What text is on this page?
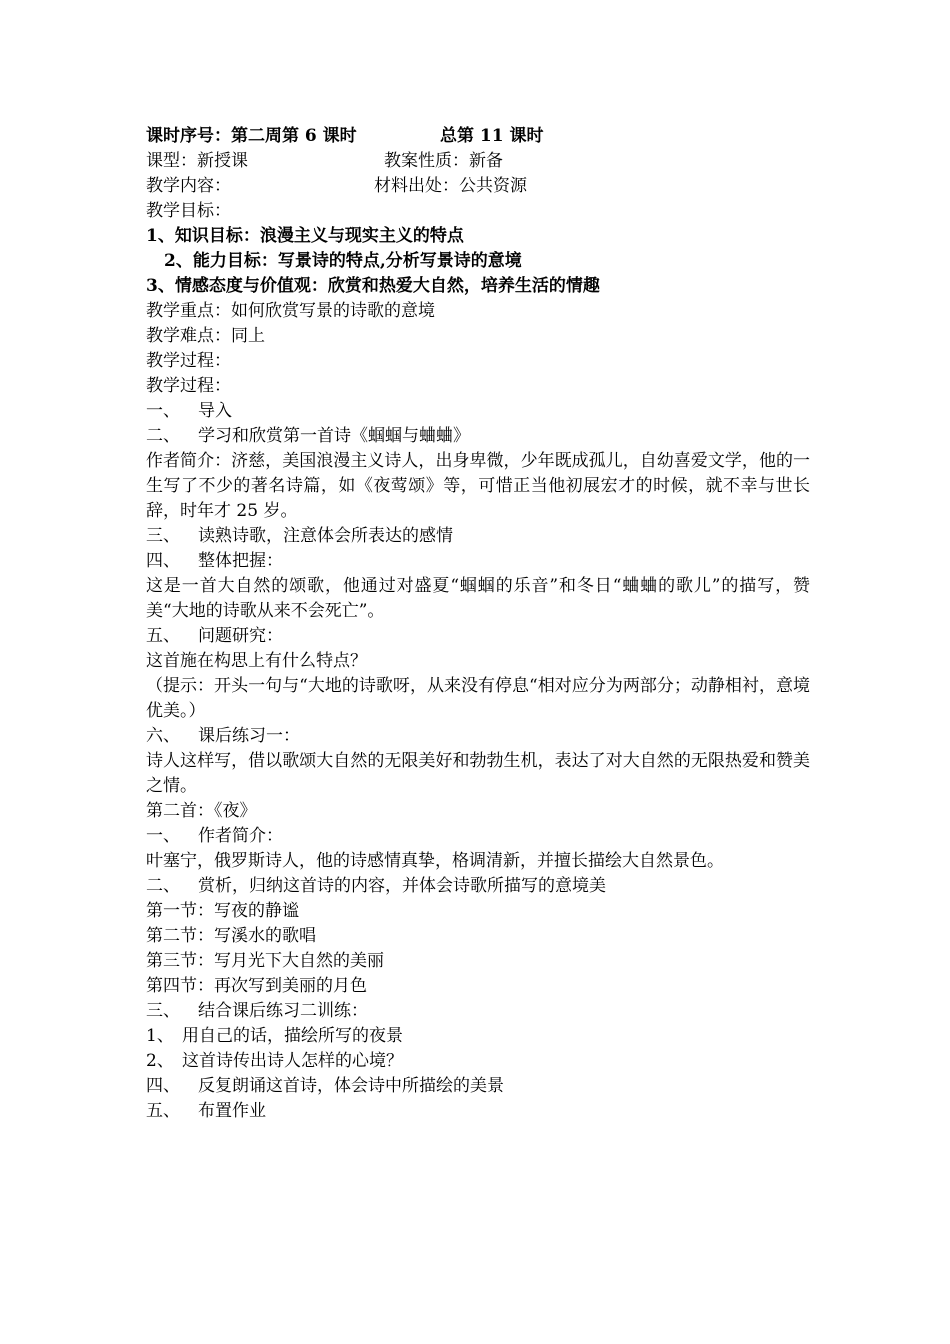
课时序号：第二周第 6 课时	总第 11 课时
课型：新授课	教案性质：新备
教学内容：	材料出处：公共资源
教学目标：
1、知识目标：浪漫主义与现实主义的特点
2、能力目标：写景诗的特点,分析写景诗的意境
3、情感态度与价值观：欣赏和热爱大自然，培养生活的情趣
教学重点：如何欣赏写景的诗歌的意境
教学难点：同上
教学过程：
教学过程：
一、 导入
二、 学习和欣赏第一首诗《蝈蝈与蛐蛐》
作者简介：济慈，美国浪漫主义诗人，出身卑微，少年既成孤儿，自幼喜爱文学，他的一生写了不少的著名诗篇，如《夜莺颂》等，可惜正当他初展宏才的时候，就不幸与世长辞，时年才 25 岁。
三、 读熟诗歌，注意体会所表达的感情
四、 整体把握：
这是一首大自然的颂歌，他通过对盛夏“蝈蝈的乐音”和冬日“蛐蛐的歌儿”的描写，赞美“大地的诗歌从来不会死亡”。
五、 问题研究：
这首施在构思上有什么特点？
（提示：开头一句与“大地的诗歌呀，从来没有停息“相对应分为两部分；动静相衬，意境优美。）
六、 课后练习一：
诗人这样写，借以歌颂大自然的无限美好和勃勃生机，表达了对大自然的无限热爱和赞美之情。
第二首：《夜》
一、 作者简介：
叶塞宁，俄罗斯诗人，他的诗感情真挚，格调清新，并擅长描绘大自然景色。
二、 赏析，归纳这首诗的内容，并体会诗歌所描写的意境美
第一节：写夜的静谧
第二节：写溪水的歌唱
第三节：写月光下大自然的美丽
第四节：再次写到美丽的月色
三、 结合课后练习二训练：
1、 用自己的话，描绘所写的夜景
2、 这首诗传出诗人怎样的心境？
四、 反复朗诵这首诗，体会诗中所描绘的美景
五、 布置作业
